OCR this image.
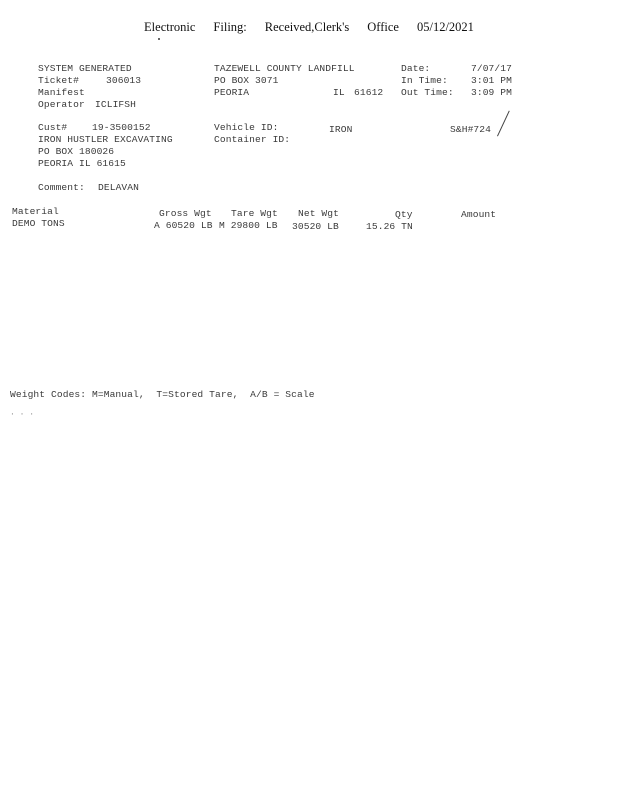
Electronic Filing: Received,Clerk's Office 05/12/2021
SYSTEM GENERATED
Ticket#	306013
Manifest
Operator ICLIFSH
TAZEWELL COUNTY LANDFILL
PO BOX 3071
PEORIA	IL 61612
Date:	7/07/17
In Time:	3:01 PM
Out Time:	3:09 PM
Cust#	19-3500152
IRON HUSTLER EXCAVATING
PO BOX 180026
PEORIA IL 61615
Vehicle ID:	IRON
Container ID:
S&H#724
Comment: DELAVAN
Material	Gross Wgt Tare Wgt Net Wgt	Qty	Amount
DEMO TONS	A 60520 LB M 29800 LB 30520 LB	15.26 TN
Weight Codes: M=Manual,  T=Stored Tare,  A/B = Scale
· · ·
